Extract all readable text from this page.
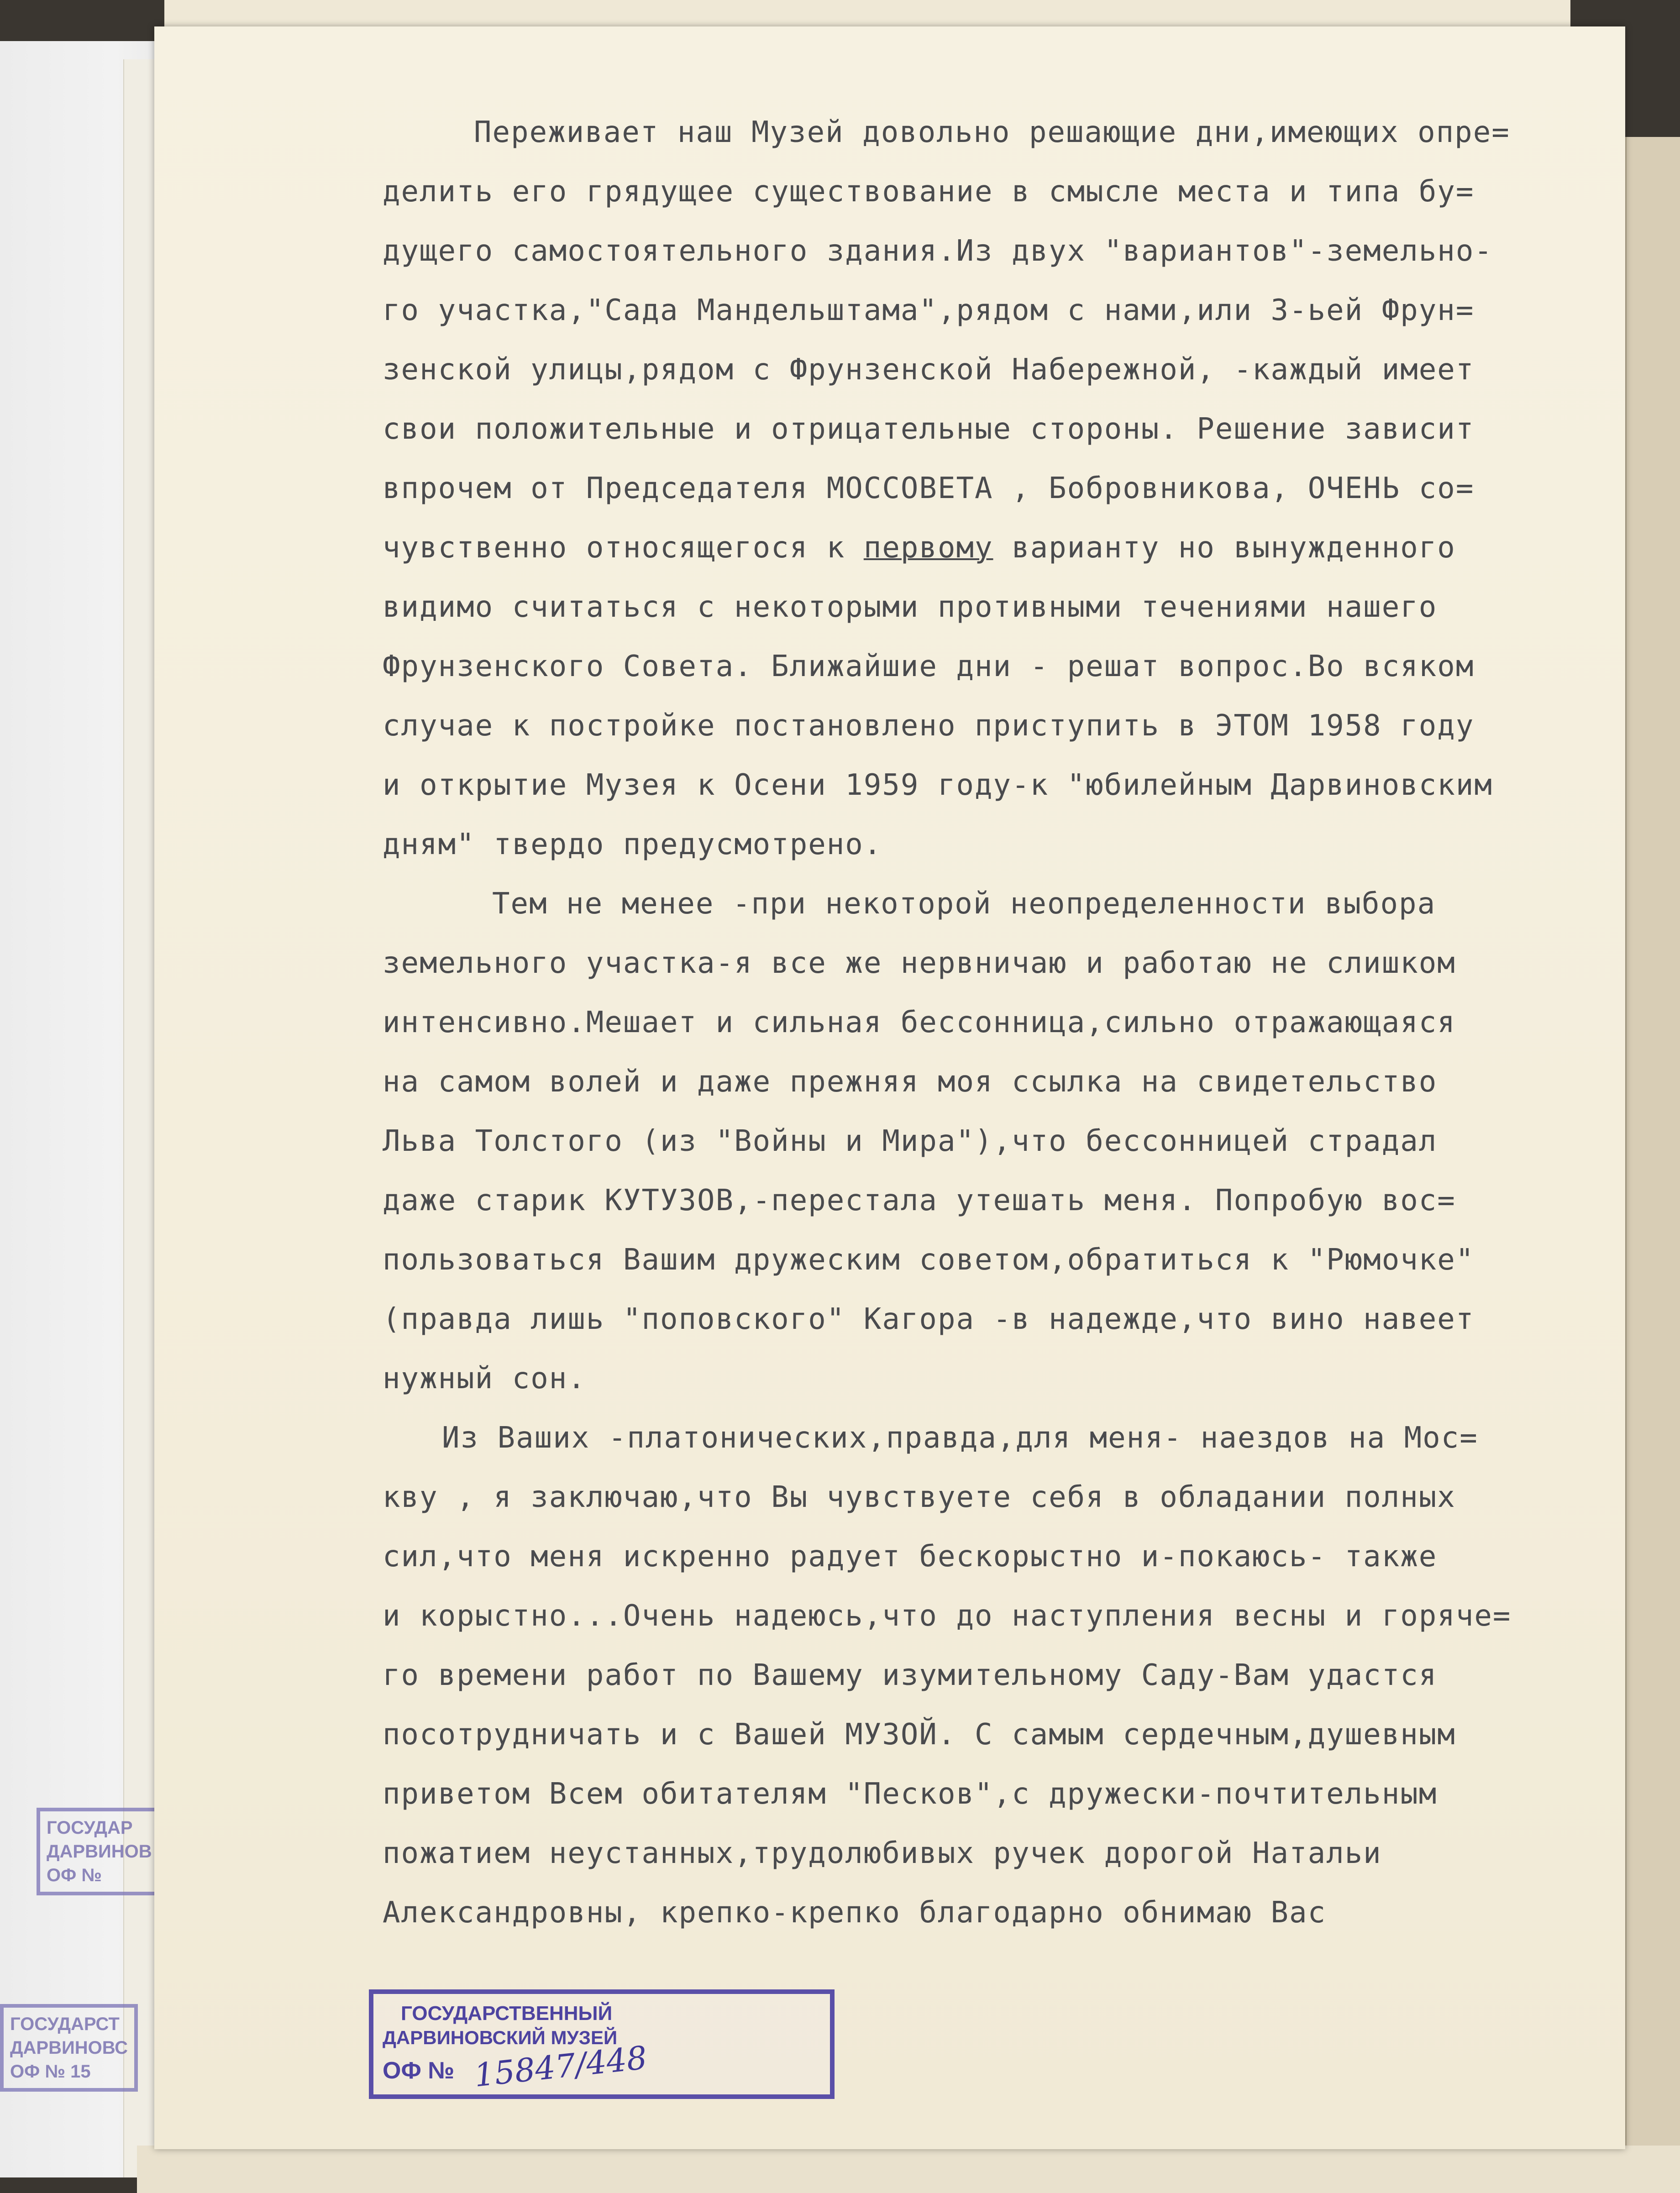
ГОСУДАР
ДАРВИНОВ
ОФ №
ГОСУДАРСТ
ДАРВИНОВС
ОФ № 15
Переживает наш Музей довольно решающие дни,имеющих опре=
делить его грядущее существование в смысле места и типа бу=
дущего самостоятельного здания.Из двух "вариантов"-земельно-
го участка,"Сада Мандельштама",рядом с нами,или 3-ьей Фрун=
зенской улицы,рядом с Фрунзенской Набережной, -каждый имеет
свои положительные и отрицательные стороны. Решение зависит
впрочем от Председателя МОССОВЕТА , Бобровникова, ОЧЕНЬ со=
чувственно относящегося к первому варианту но вынужденного
видимо считаться с некоторыми противными течениями нашего
Фрунзенского Совета. Ближайшие дни - решат вопрос.Во всяком
случае к постройке постановлено приступить в ЭТОМ 1958 году
и открытие Музея к Осени 1959 году-к "юбилейным Дарвиновским
дням" твердо предусмотрено.
Тем не менее -при некоторой неопределенности выбора
земельного участка-я все же нервничаю и работаю не слишком
интенсивно.Мешает и сильная бессонница,сильно отражающаяся
на самом волей и даже прежняя моя ссылка на свидетельство
Льва Толстого (из "Войны и Мира"),что бессонницей страдал
даже старик КУТУЗОВ,-перестала утешать меня. Попробую вос=
пользоваться Вашим дружеским советом,обратиться к "Рюмочке"
(правда лишь "поповского" Кагора -в надежде,что вино навеет
нужный сон.
Из Ваших -платонических,правда,для меня- наездов на Мос=
кву , я заключаю,что Вы чувствуете себя в обладании полных
сил,что меня искренно радует бескорыстно и-покаюсь- также
и корыстно...Очень надеюсь,что до наступления весны и горяче=
го времени работ по Вашему изумительному Саду-Вам удастся
посотрудничать и с Вашей МУЗОЙ. С самым сердечным,душевным
приветом Всем обитателям "Песков",с дружески-почтительным
пожатием неустанных,трудолюбивых ручек дорогой Натальи
Александровны, крепко-крепко благодарно обнимаю Вас
ГОСУДАРСТВЕННЫЙ
ДАРВИНОВСКИЙ МУЗЕЙ
ОФ № 15847/448
